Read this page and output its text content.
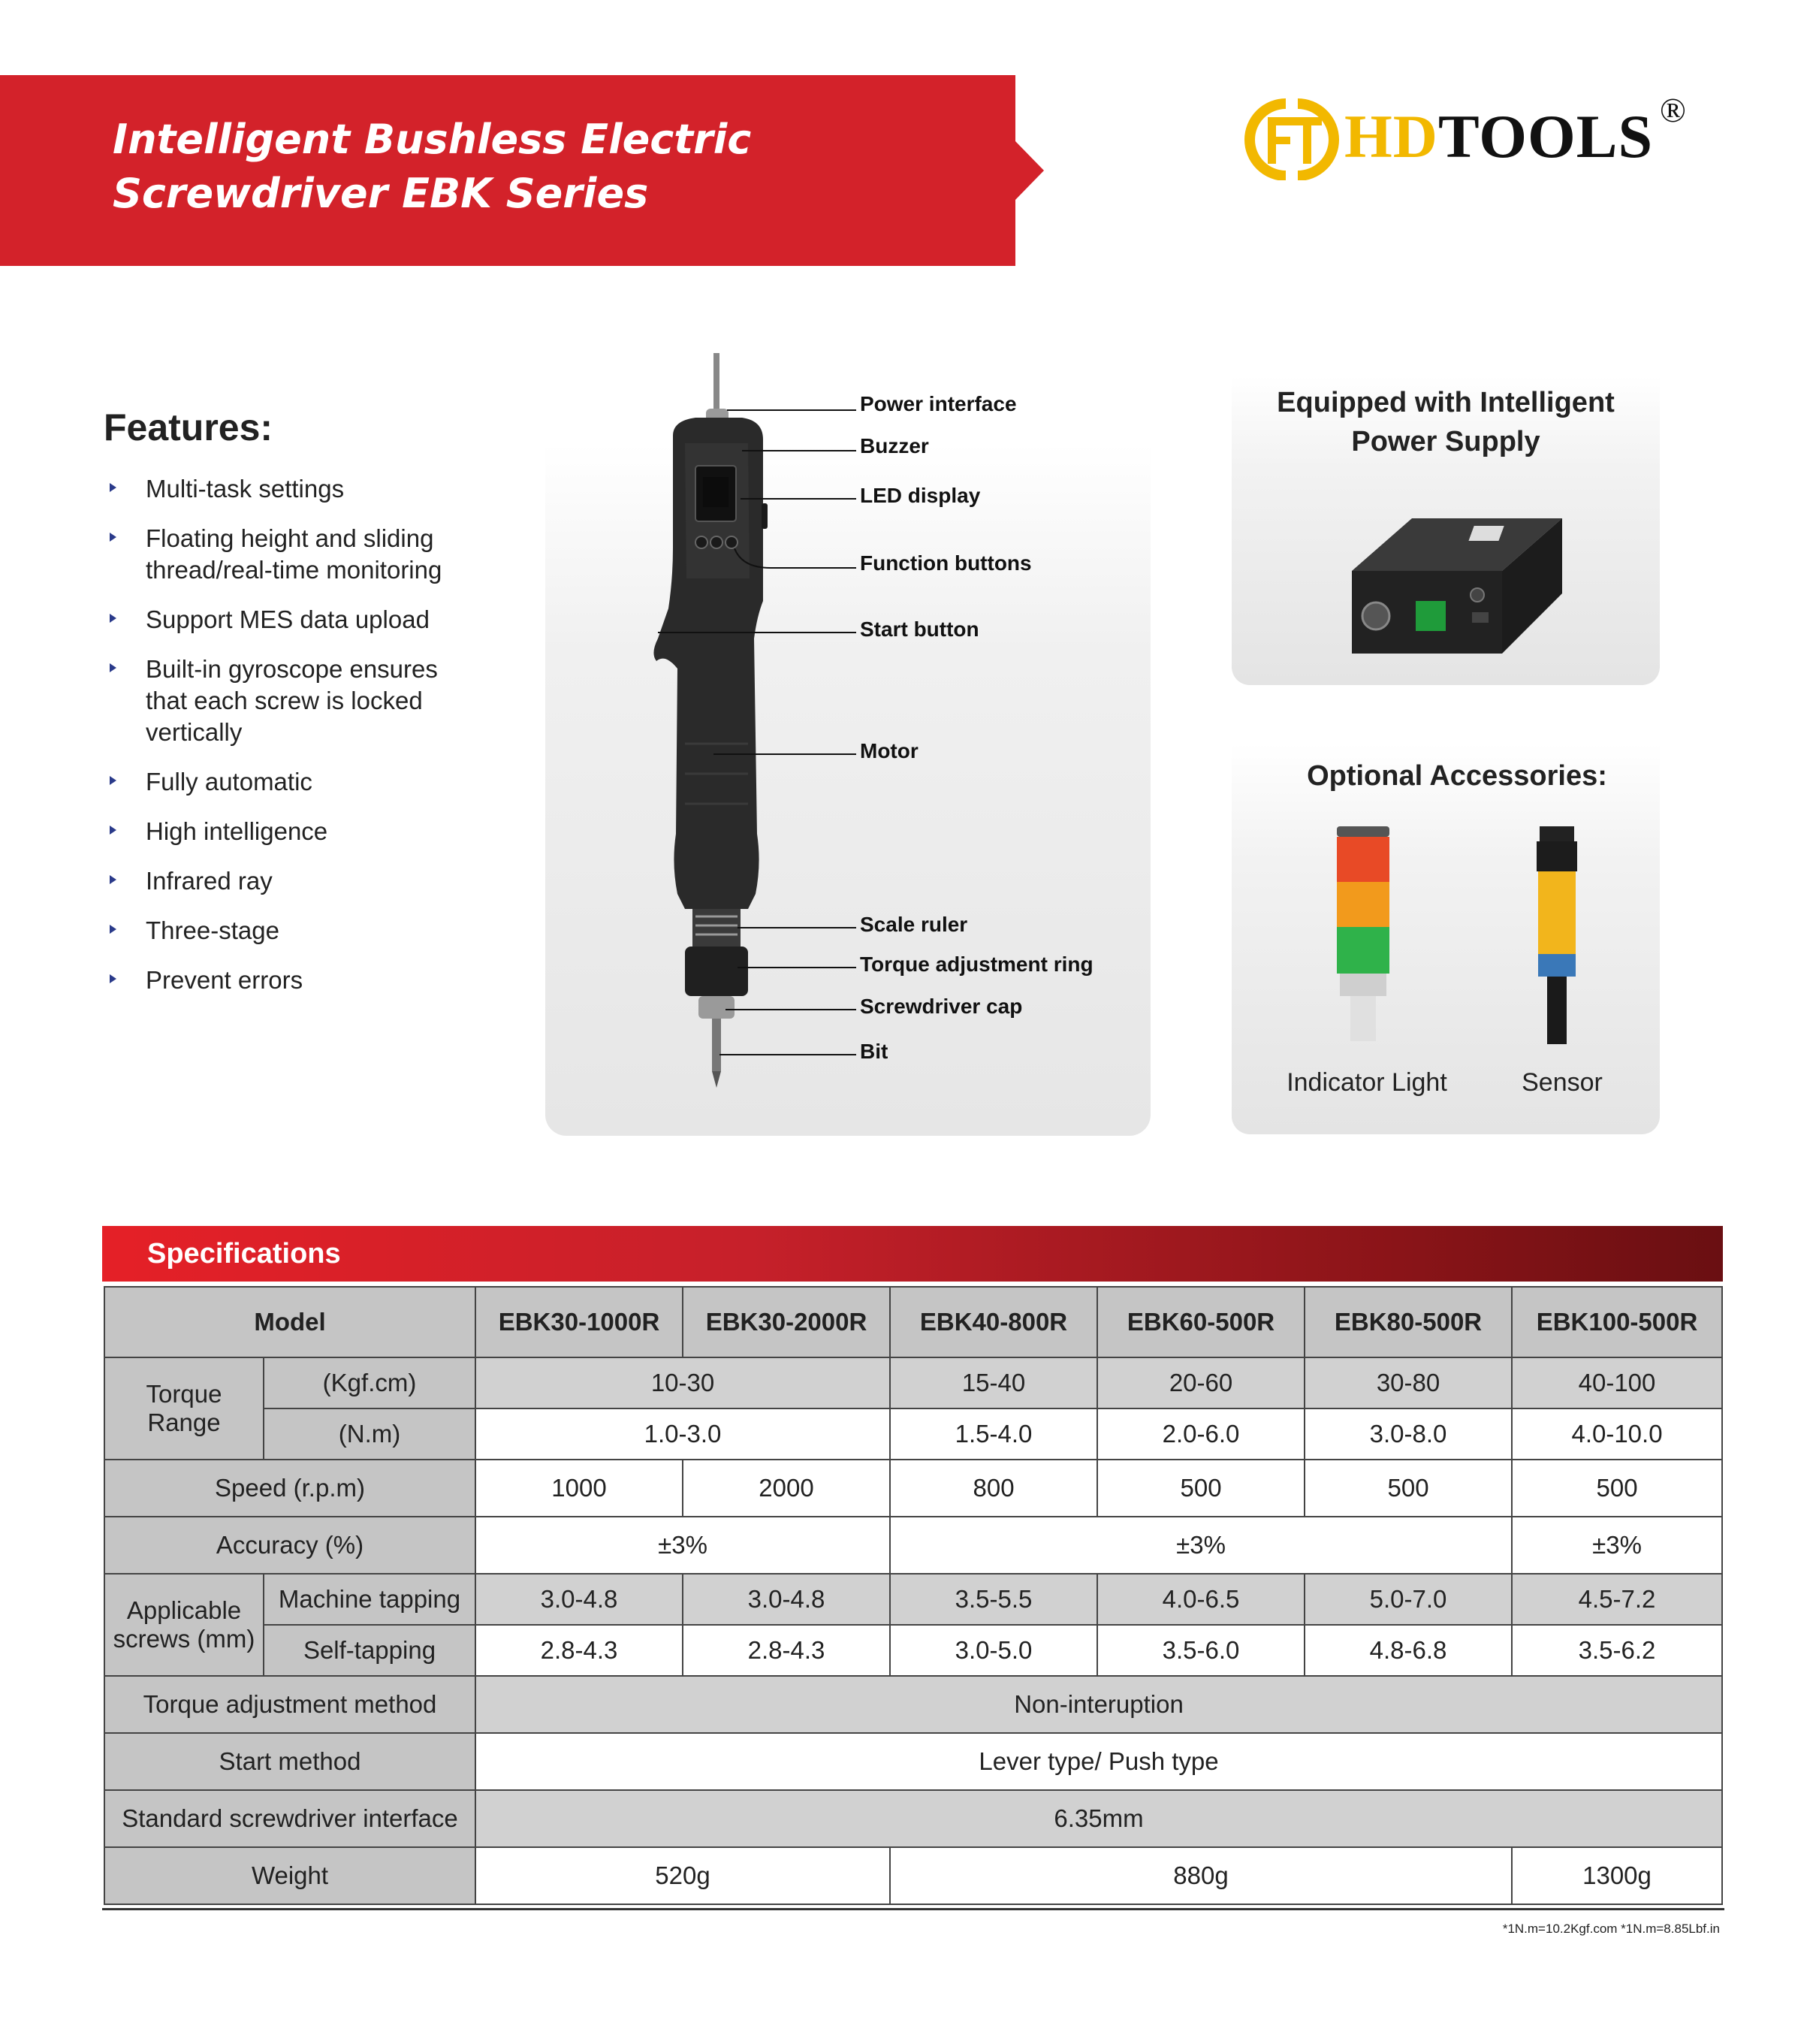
Intelligent Bushless Electric
Screwdriver EBK Series
HDTOOLS ®
Features:
Multi-task settings
Floating height and sliding thread/real-time monitoring
Support MES data upload
Built-in gyroscope ensures that each screw is locked vertically
Fully automatic
High intelligence
Infrared ray
Three-stage
Prevent errors
Power interface
Buzzer
LED display
Function buttons
Start button
Motor
Scale ruler
Torque adjustment ring
Screwdriver cap
Bit
Equipped with Intelligent
Power Supply
Optional Accessories:
Indicator Light	Sensor
Specifications
Model		EBK30-1000R	EBK30-2000R	EBK40-800R	EBK60-500R	EBK80-500R	EBK100-500R
Torque Range	(Kgf.cm)	10-30		15-40	20-60	30-80	40-100
	(N.m)	1.0-3.0		1.5-4.0	2.0-6.0	3.0-8.0	4.0-10.0
Speed (r.p.m)		1000	2000	800	500	500	500
Accuracy (%)		±3%		±3%			±3%
Applicable screws (mm)	Machine tapping	3.0-4.8	3.0-4.8	3.5-5.5	4.0-6.5	5.0-7.0	4.5-7.2
	Self-tapping	2.8-4.3	2.8-4.3	3.0-5.0	3.5-6.0	4.8-6.8	3.5-6.2
Torque adjustment method		Non-interuption					
Start method		Lever type/ Push type					
Standard screwdriver interface		6.35mm					
Weight		520g		880g			1300g
*1N.m=10.2Kgf.com *1N.m=8.85Lbf.in
